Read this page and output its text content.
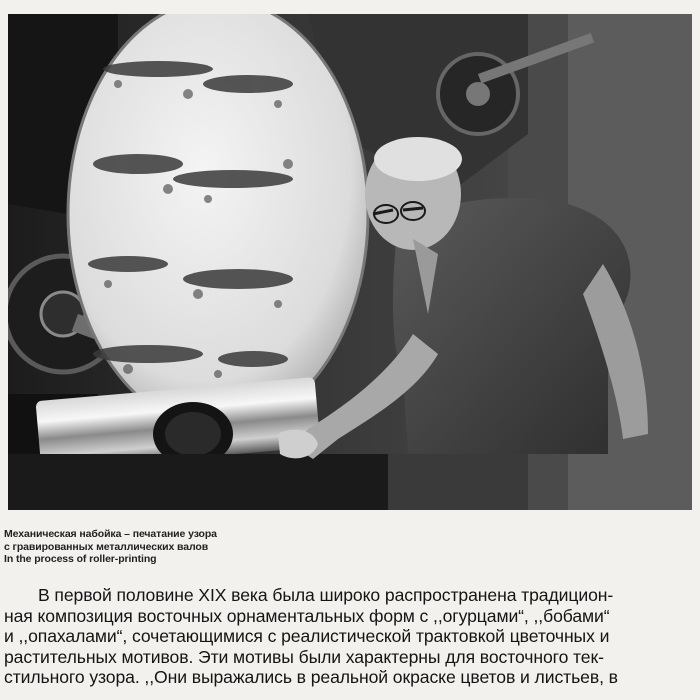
Механическая набойка – печатание узора
с гравированных металлических валов
In the process of roller-printing
В первой половине XIX века была широко распространена традицион-
ная композиция восточных орнаментальных форм с ,,огурцами“, ,,бобами“
и ,,опахалами“, сочетающимися с реалистической трактовкой цветочных и
растительных мотивов. Эти мотивы были характерны для восточного тек-
стильного узора. ,,Они выражались в реальной окраске цветов и листьев, в
